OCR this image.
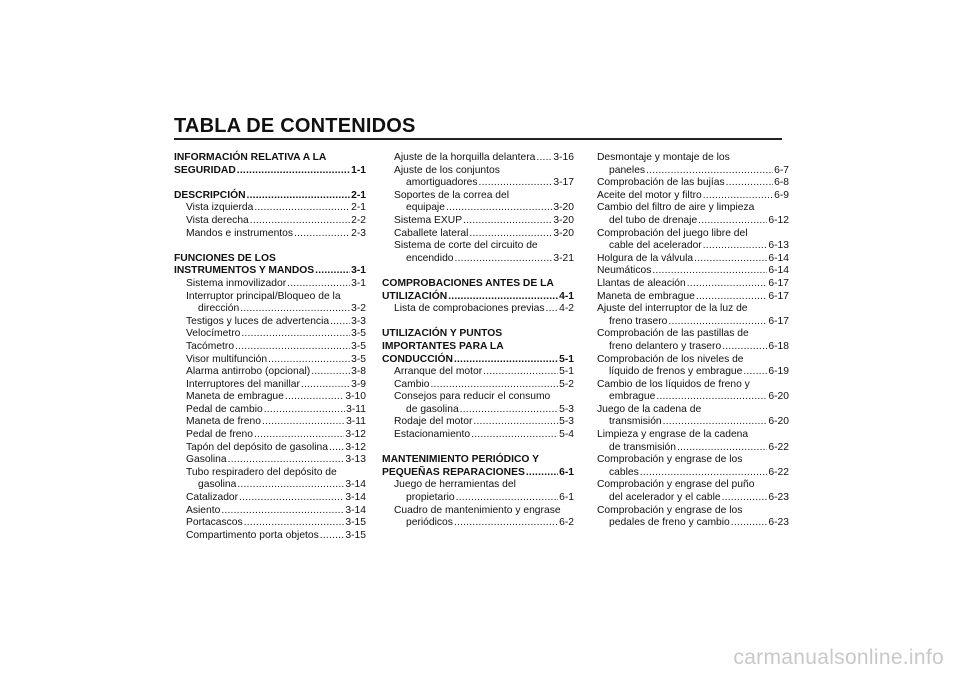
TABLA DE CONTENIDOS
INFORMACIÓN RELATIVA A LA
SEGURIDAD .....	1-1
DESCRIPCIÓN .....	2-1
Vista izquierda .....	2-1
Vista derecha .....	2-2
Mandos e instrumentos .....	2-3
FUNCIONES DE LOS
INSTRUMENTOS Y MANDOS .....	3-1
Sistema inmovilizador .....	3-1
Interruptor principal/Bloqueo de la
dirección .....	3-2
Testigos y luces de advertencia ..... 3-3
Velocímetro .....	3-5
Tacómetro .....	3-5
Visor multifunción .....	3-5
Alarma antirrobo (opcional) .....	3-8
Interruptores del manillar .....	3-9
Maneta de embrague .....	3-10
Pedal de cambio .....	3-11
Maneta de freno .....	3-11
Pedal de freno .....	3-12
Tapón del depósito de gasolina ..... 3-12
Gasolina .....	3-13
Tubo respiradero del depósito de
gasolina .....	3-14
Catalizador .....	3-14
Asiento .....	3-14
Portacascos .....	3-15
Compartimento porta objetos .....	3-15
Ajuste de la horquilla delantera ..... 3-16
Ajuste de los conjuntos
amortiguadores .....	3-17
Soportes de la correa del
equipaje .....	3-20
Sistema EXUP .....	3-20
Caballete lateral .....	3-20
Sistema de corte del circuito de
encendido .....	3-21
COMPROBACIONES ANTES DE LA
UTILIZACIÓN .....	4-1
Lista de comprobaciones previas ..... 4-2
UTILIZACIÓN Y PUNTOS
IMPORTANTES PARA LA
CONDUCCIÓN .....	5-1
Arranque del motor .....	5-1
Cambio .....	5-2
Consejos para reducir el consumo
de gasolina .....	5-3
Rodaje del motor .....	5-3
Estacionamiento .....	5-4
MANTENIMIENTO PERIÓDICO Y
PEQUEÑAS REPARACIONES .....	6-1
Juego de herramientas del
propietario .....	6-1
Cuadro de mantenimiento y engrase
periódicos .....	6-2
Desmontaje y montaje de los
paneles .....	6-7
Comprobación de las bujías .....	6-8
Aceite del motor y filtro .....	6-9
Cambio del filtro de aire y limpieza
del tubo de drenaje .....	6-12
Comprobación del juego libre del
cable del acelerador .....	6-13
Holgura de la válvula .....	6-14
Neumáticos .....	6-14
Llantas de aleación .....	6-17
Maneta de embrague .....	6-17
Ajuste del interruptor de la luz de
freno trasero .....	6-17
Comprobación de las pastillas de
freno delantero y trasero .....	6-18
Comprobación de los niveles de
líquido de frenos y embrague .....	6-19
Cambio de los líquidos de freno y
embrague .....	6-20
Juego de la cadena de
transmisión .....	6-20
Limpieza y engrase de la cadena
de transmisión .....	6-22
Comprobación y engrase de los
cables .....	6-22
Comprobación y engrase del puño
del acelerador y el cable .....	6-23
Comprobación y engrase de los
pedales de freno y cambio .....	6-23
carmanualsonline.info
